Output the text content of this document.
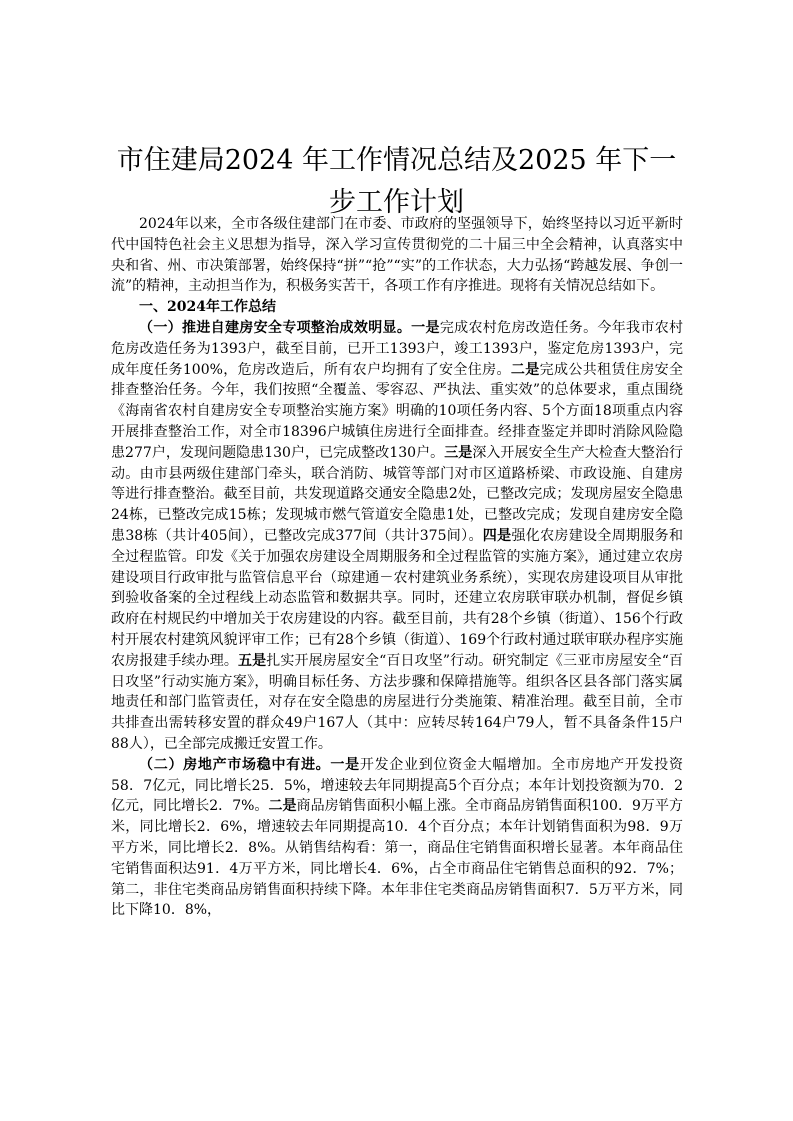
市住建局2024 年工作情况总结及2025 年下一步工作计划

2024年以来，全市各级住建部门在市委、市政府的坚强领导下，始终坚持以习近平新时代中国特色社会主义思想为指导，深入学习宣传贯彻党的二十届三中全会精神，认真落实中央和省、州、市决策部署，始终保持“拼”“抢”“实”的工作状态，大力弘扬“跨越发展、争创一流”的精神，主动担当作为，积极务实苦干，各项工作有序推进。现将有关情况总结如下。

一、2024年工作总结

（一）推进自建房安全专项整治成效明显。一是完成农村危房改造任务。今年我市农村危房改造任务为1393户，截至目前，已开工1393户，竣工1393户，鉴定危房1393户，完成年度任务100%，危房改造后，所有农户均拥有了安全住房。二是完成公共租赁住房安全排查整治任务。今年，我们按照“全覆盖、零容忍、严执法、重实效”的总体要求，重点围绕《海南省农村自建房安全专项整治实施方案》明确的10项任务内容、5个方面18项重点内容开展排查整治工作，对全市18396户城镇住房进行全面排查。经排查鉴定并即时消除风险隐患277户，发现问题隐患130户，已完成整改130户。三是深入开展安全生产大检查大整治行动。由市县两级住建部门牵头，联合消防、城管等部门对市区道路桥梁、市政设施、自建房等进行排查整治。截至目前，共发现道路交通安全隐患2处，已整改完成；发现房屋安全隐患24栋，已整改完成15栋；发现城市燃气管道安全隐患1处，已整改完成；发现自建房安全隐患38栋（共计405间），已整改完成377间（共计375间）。四是强化农房建设全周期服务和全过程监管。印发《关于加强农房建设全周期服务和全过程监管的实施方案》，通过建立农房建设项目行政审批与监管信息平台（琼建通－农村建筑业务系统），实现农房建设项目从审批到验收备案的全过程线上动态监管和数据共享。同时，还建立农房联审联办机制，督促乡镇政府在村规民约中增加关于农房建设的内容。截至目前，共有28个乡镇（街道）、156个行政村开展农村建筑风貌评审工作；已有28个乡镇（街道）、169个行政村通过联审联办程序实施农房报建手续办理。五是扎实开展房屋安全“百日攻坚”行动。研究制定《三亚市房屋安全“百日攻坚”行动实施方案》，明确目标任务、方法步骤和保障措施等。组织各区县各部门落实属地责任和部门监管责任，对存在安全隐患的房屋进行分类施策、精准治理。截至目前，全市共排查出需转移安置的群众49户167人（其中：应转尽转164户79人，暂不具备条件15户88人），已全部完成搬迁安置工作。

（二）房地产市场稳中有进。一是开发企业到位资金大幅增加。全市房地产开发投资58．7亿元，同比增长25．5%，增速较去年同期提高5个百分点；本年计划投资额为70．2亿元，同比增长2．7%。二是商品房销售面积小幅上涨。全市商品房销售面积100．9万平方米，同比增长2．6%，增速较去年同期提高10．4个百分点；本年计划销售面积为98．9万平方米，同比增长2．8%。从销售结构看：第一，商品住宅销售面积增长显著。本年商品住宅销售面积达91．4万平方米，同比增长4．6%，占全市商品住宅销售总面积的92．7%；第二，非住宅类商品房销售面积持续下降。本年非住宅类商品房销售面积7．5万平方米，同比下降10．8%，
